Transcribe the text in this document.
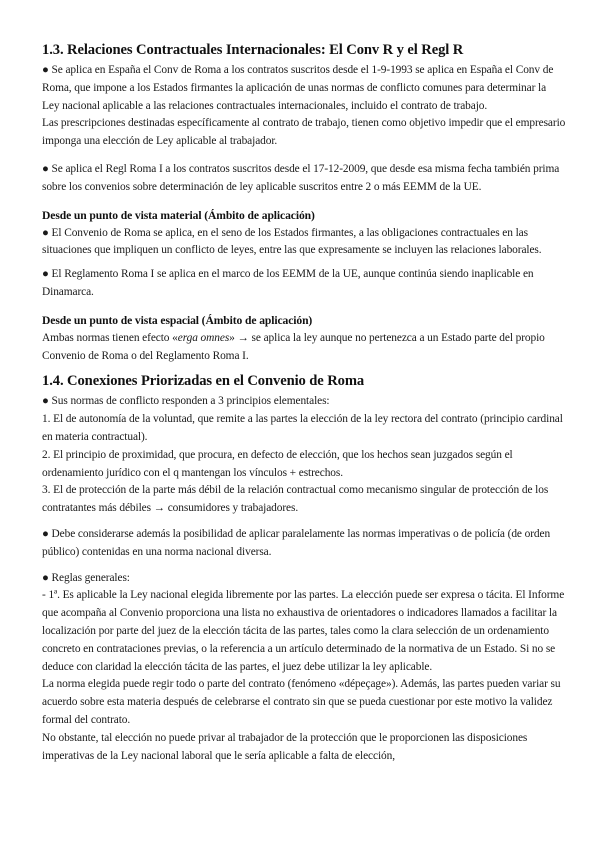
1.3. Relaciones Contractuales Internacionales: El Conv R y el Regl R

● Se aplica en España el Conv de Roma a los contratos suscritos desde el 1-9-1993 se aplica en España el Conv de Roma, que impone a los Estados firmantes la aplicación de unas normas de conflicto comunes para determinar la Ley nacional aplicable a las relaciones contractuales internacionales, incluido el contrato de trabajo.

Las prescripciones destinadas específicamente al contrato de trabajo, tienen como objetivo impedir que el empresario imponga una elección de Ley aplicable al trabajador.

● Se aplica el Regl Roma I a los contratos suscritos desde el 17-12-2009, que desde esa misma fecha también prima sobre los convenios sobre determinación de ley aplicable suscritos entre 2 o más EEMM de la UE.

Desde un punto de vista material (Ámbito de aplicación)

● El Convenio de Roma se aplica, en el seno de los Estados firmantes, a las obligaciones contractuales en las situaciones que impliquen un conflicto de leyes, entre las que expresamente se incluyen las relaciones laborales.

● El Reglamento Roma I se aplica en el marco de los EEMM de la UE, aunque continúa siendo inaplicable en Dinamarca.

Desde un punto de vista espacial (Ámbito de aplicación)

Ambas normas tienen efecto «erga omnes» → se aplica la ley aunque no pertenezca a un Estado parte del propio Convenio de Roma o del Reglamento Roma I.

1.4. Conexiones Priorizadas en el Convenio de Roma

● Sus normas de conflicto responden a 3 principios elementales:

1. El de autonomía de la voluntad, que remite a las partes la elección de la ley rectora del contrato (principio cardinal en materia contractual).

2. El principio de proximidad, que procura, en defecto de elección, que los hechos sean juzgados según el ordenamiento jurídico con el q mantengan los vínculos + estrechos.

3. El de protección de la parte más débil de la relación contractual como mecanismo singular de protección de los contratantes más débiles → consumidores y trabajadores.

● Debe considerarse además la posibilidad de aplicar paralelamente las normas imperativas o de policía (de orden público) contenidas en una norma nacional diversa.

● Reglas generales:

- 1ª. Es aplicable la Ley nacional elegida libremente por las partes. La elección puede ser expresa o tácita. El Informe que acompaña al Convenio proporciona una lista no exhaustiva de orientadores o indicadores llamados a facilitar la localización por parte del juez de la elección tácita de las partes, tales como la clara selección de un ordenamiento concreto en contrataciones previas, o la referencia a un artículo determinado de la normativa de un Estado. Si no se deduce con claridad la elección tácita de las partes, el juez debe utilizar la ley aplicable.

La norma elegida puede regir todo o parte del contrato (fenómeno «dépeçage»). Además, las partes pueden variar su acuerdo sobre esta materia después de celebrarse el contrato sin que se pueda cuestionar por este motivo la validez formal del contrato.

No obstante, tal elección no puede privar al trabajador de la protección que le proporcionen las disposiciones imperativas de la Ley nacional laboral que le sería aplicable a falta de elección,
